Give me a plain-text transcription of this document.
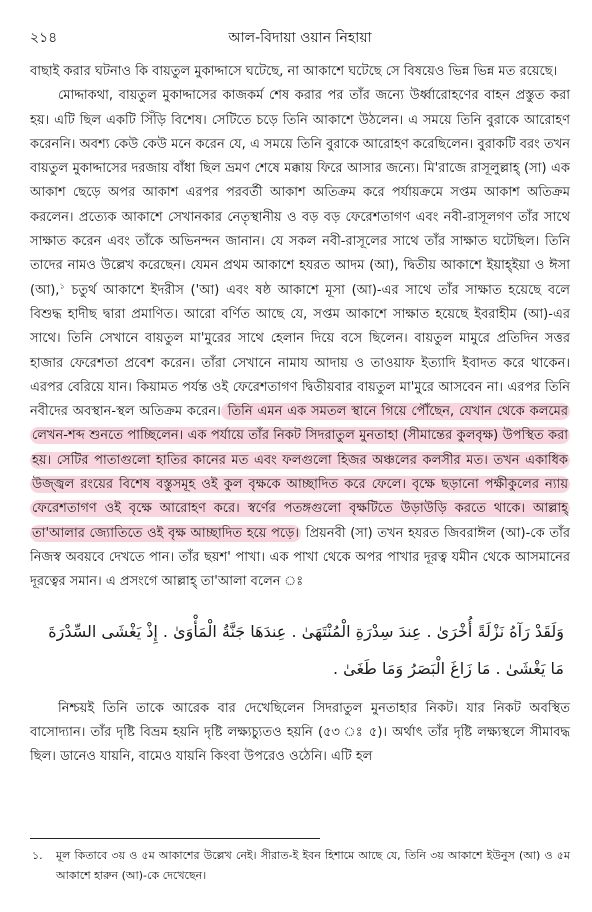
২১৪	আল-বিদায়া ওয়ান নিহায়া

বাছাই করার ঘটনাও কি বায়তুল মুকাদ্দাসে ঘটেছে, না আকাশে ঘটেছে সে বিষয়েও ভিন্ন ভিন্ন মত রয়েছে।

মোদ্দাকথা, বায়তুল মুকাদ্দাসের কাজকর্ম শেষ করার পর তাঁর জন্যে উর্ধ্বারোহণের বাহন প্রস্তুত করা হয়। এটি ছিল একটি সিঁড়ি বিশেষ। সেটিতে চড়ে তিনি আকাশে উঠলেন। এ সময়ে তিনি বুরাকে আরোহণ করেননি। অবশ্য কেউ কেউ মনে করেন যে, এ সময়ে তিনি বুরাকে আরোহণ করেছিলেন। বুরাকটি বরং তখন বায়তুল মুকাদ্দাসের দরজায় বাঁধা ছিল ভ্রমণ শেষে মক্কায় ফিরে আসার জন্যে। মি'রাজে রাসূলুল্লাহ্ (সা) এক আকাশ ছেড়ে অপর আকাশ এরপর পরবর্তী আকাশ অতিক্রম করে পর্যায়ক্রমে সপ্তম আকাশ অতিক্রম করলেন। প্রত্যেক আকাশে সেখানকার নেতৃস্থানীয় ও বড় বড় ফেরেশতাগণ এবং নবী-রাসূলগণ তাঁর সাথে সাক্ষাত করেন এবং তাঁকে অভিনন্দন জানান। যে সকল নবী-রাসূলের সাথে তাঁর সাক্ষাত ঘটেছিল। তিনি তাদের নামও উল্লেখ করেছেন। যেমন প্রথম আকাশে হযরত আদম (আ), দ্বিতীয় আকাশে ইয়াহ্ইয়া ও ঈসা (আ),$^১$ চতুর্থ আকাশে ইদরীস ('আ) এবং ষষ্ঠ আকাশে মূসা (আ)-এর সাথে তাঁর সাক্ষাত হয়েছে বলে বিশুদ্ধ হাদীছ দ্বারা প্রমাণিত। আরো বর্ণিত আছে যে, সপ্তম আকাশে সাক্ষাত হয়েছে ইবরাহীম (আ)-এর সাথে। তিনি সেখানে বায়তুল মা'মুরের সাথে হেলান দিয়ে বসে ছিলেন। বায়তুল মামুরে প্রতিদিন সত্তর হাজার ফেরেশতা প্রবেশ করেন। তাঁরা সেখানে নামায আদায় ও তাওয়াফ ইত্যাদি ইবাদত করে থাকেন। এরপর বেরিয়ে যান। কিয়ামত পর্যন্ত ওই ফেরেশতাগণ দ্বিতীয়বার বায়তুল মা'মুরে আসবেন না। এরপর তিনি নবীদের অবস্থান-স্থল অতিক্রম করেন। তিনি এমন এক সমতল স্থানে গিয়ে পৌঁছেন, যেখান থেকে কলমের লেখন-শব্দ শুনতে পাচ্ছিলেন। এক পর্যায়ে তাঁর নিকট সিদরাতুল মুনতাহা (সীমান্তের কুলবৃক্ষ) উপস্থিত করা হয়। সেটির পাতাগুলো হাতির কানের মত এবং ফলগুলো হিজর অঞ্চলের কলসীর মত। তখন একাধিক উজ্জ্বল রংয়ের বিশেষ বস্তুসমূহ ওই কুল বৃক্ষকে আচ্ছাদিত করে ফেলে। বৃক্ষে ছড়ানো পক্ষীকুলের ন্যায় ফেরেশতাগণ ওই বৃক্ষে আরোহণ করে। স্বর্ণের পতঙ্গগুলো বৃক্ষটিতে উড়াউড়ি করতে থাকে। আল্লাহ্ তা'আলার জ্যোতিতে ওই বৃক্ষ আচ্ছাদিত হয়ে পড়ে। প্রিয়নবী (সা) তখন হযরত জিবরাঈল (আ)-কে তাঁর নিজস্ব অবয়বে দেখতে পান। তাঁর ছয়শ' পাখা। এক পাখা থেকে অপর পাখার দূরত্ব যমীন থেকে আসমানের দূরত্বের সমান। এ প্রসংগে আল্লাহ্ তা'আলা বলেন ঃ

وَلَقَدْ رَآهُ نَزْلَةً أُخْرَىٰ . عِندَ سِدْرَةِ الْمُنْتَهَىٰ . عِندَهَا جَنَّةُ الْمَأْوَىٰ . إِذْ يَغْشَى السِّدْرَةَ مَا يَغْشَىٰ . مَا زَاغَ الْبَصَرُ وَمَا طَغَىٰ .

নিশ্চয়ই তিনি তাকে আরেক বার দেখেছিলেন সিদরাতুল মুনতাহার নিকট। যার নিকট অবস্থিত বাসোদ্যান। তাঁর দৃষ্টি বিভ্রম হয়নি দৃষ্টি লক্ষ্যচ্যুতও হয়নি (৫৩ ঃ ৫)। অর্থাৎ তাঁর দৃষ্টি লক্ষ্যস্থলে সীমাবদ্ধ ছিল। ডানেও যায়নি, বামেও যায়নি কিংবা উপরেও ওঠেনি। এটি হল

১.	মূল কিতাবে ৩য় ও ৫ম আকাশের উল্লেখ নেই। সীরাত-ই ইবন হিশামে আছে যে, তিনি ৩য় আকাশে ইউনুস (আ) ও ৫ম আকাশে হারুন (আ)-কে দেখেছেন।
